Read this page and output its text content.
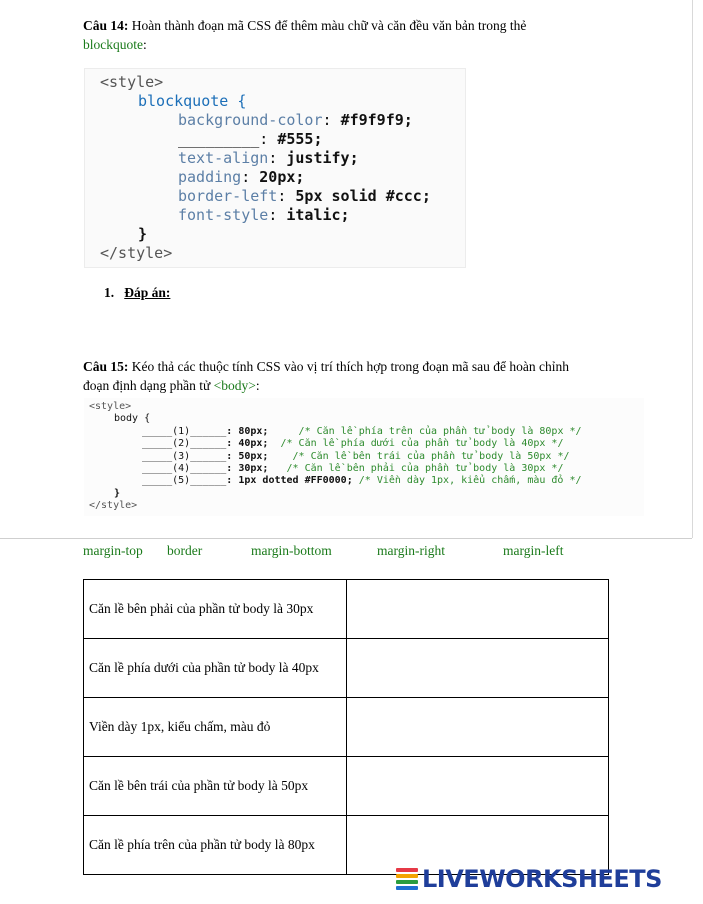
Câu 14: Hoàn thành đoạn mã CSS để thêm màu chữ và căn đều văn bản trong thẻ
blockquote:

<style>

blockquote {

background-color: #f9f9f9;

_________: #555;

text-align: justify;

padding: 20px;

border-left: 5px solid #ccc;

font-style: italic;

}

</style>

1. Đáp án:
Câu 15: Kéo thả các thuộc tính CSS vào vị trí thích hợp trong đoạn mã sau để hoàn chỉnh
đoạn định dạng phần tử <body>:

<style>

body {

_____(1)______: 80px;     /* Căn lề phía trên của phần tử body là 80px */

_____(2)______: 40px;  /* Căn lề phía dưới của phần tử body là 40px */

_____(3)______: 50px;    /* Căn lề bên trái của phần tử body là 50px */

_____(4)______: 30px;   /* Căn lề bên phải của phần tử body là 30px */

_____(5)______: 1px dotted #FF0000; /* Viền dày 1px, kiểu chấm, màu đỏ */

}

</style>

margin-top border	margin-bottom	margin-right	margin-left
Căn lề bên phải của phần tử body là 30px	
Căn lề phía dưới của phần tử body là 40px	
Viền dày 1px, kiểu chấm, màu đỏ	
Căn lề bên trái của phần tử body là 50px	
Căn lề phía trên của phần tử body là 80px	
LIVEWORKSHEETS
